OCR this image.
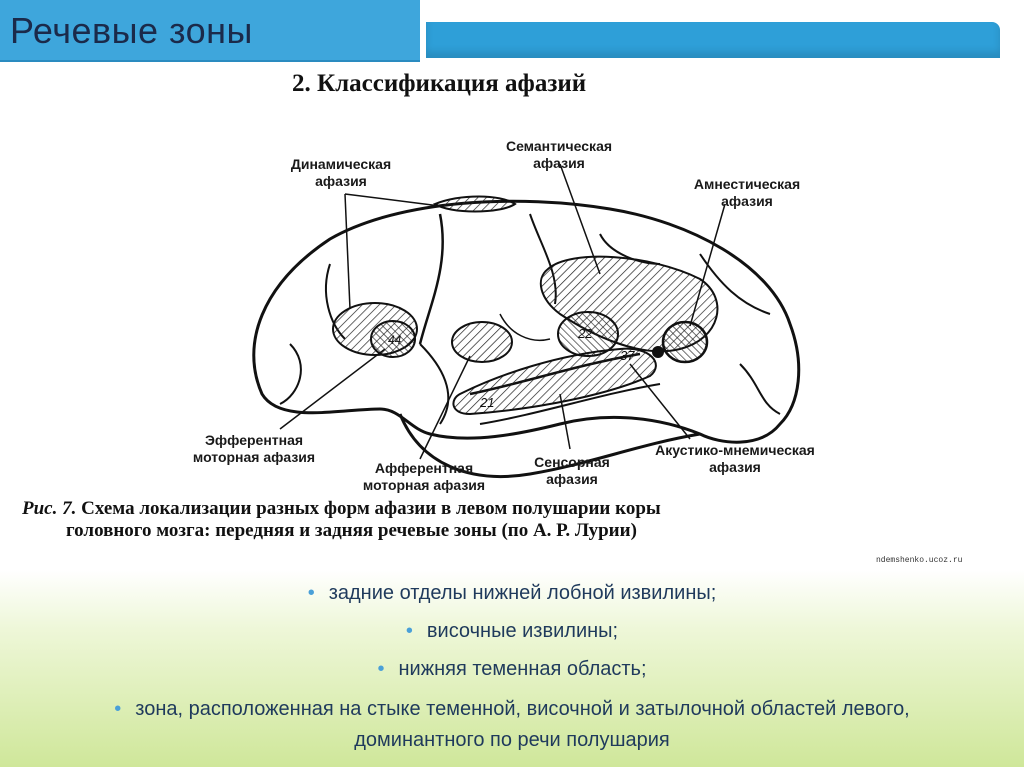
Речевые зоны
44	22
37
21
2. Классификация афазий
Динамическая
афазия
Семантическая
афазия
Амнестическая
афазия
Эфферентная
моторная афазия
Афферентная
моторная афазия
Сенсорная
афазия
Акустико-мнемическая
афазия
Рис. 7. Схема локализации разных форм афазии в левом полушарии коры
головного мозга: передняя и задняя речевые зоны (по А. Р. Лурии)
ndemshenko.ucoz.ru
• задние отделы нижней лобной извилины;
• височные извилины;
• нижняя теменная область;
• зона, расположенная на стыке теменной, височной и затылочной областей левого,
доминантного по речи полушария
